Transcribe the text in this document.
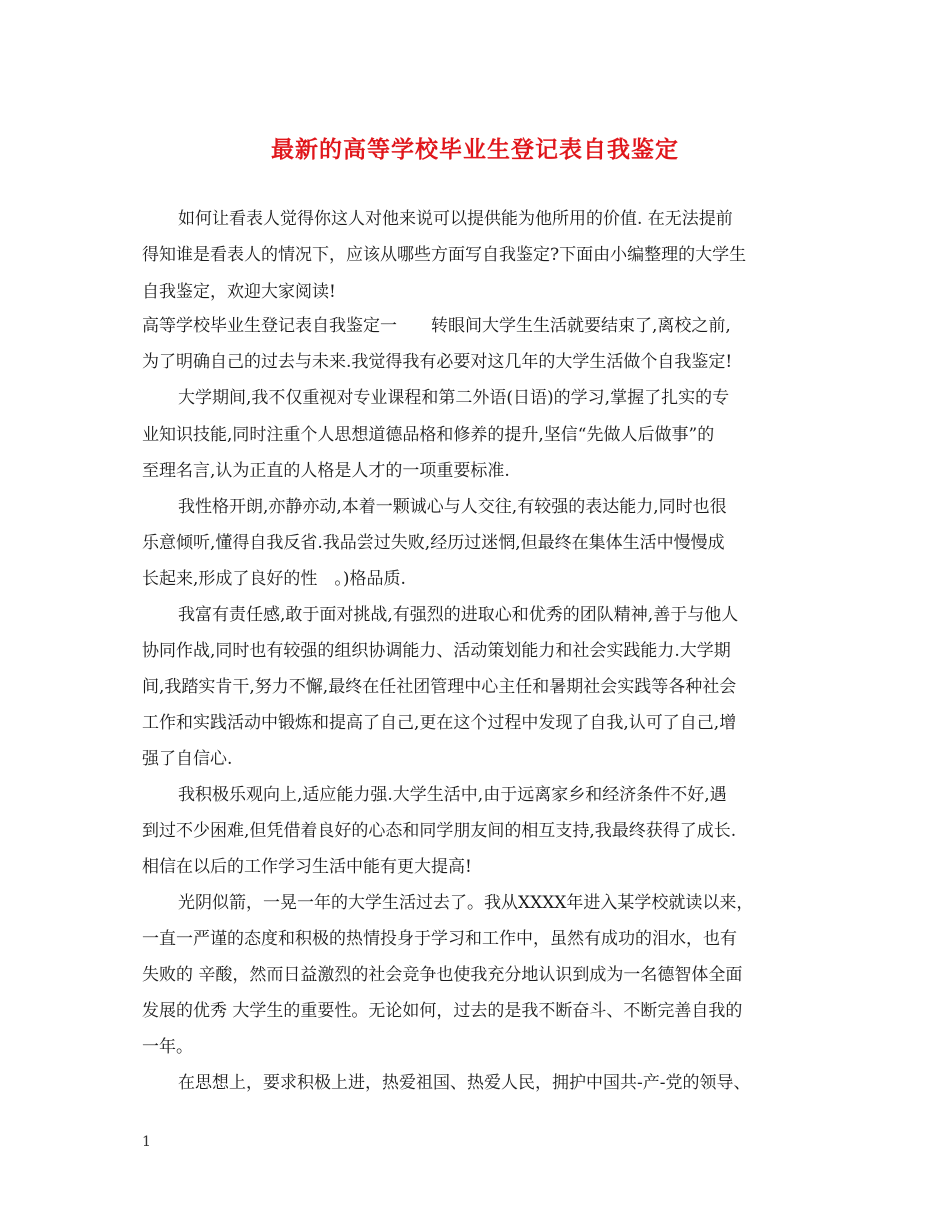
最新的高等学校毕业生登记表自我鉴定
如何让看表人觉得你这人对他来说可以提供能为他所用的价值. 在无法提前
得知谁是看表人的情况下，应该从哪些方面写自我鉴定?下面由小编整理的大学生
自我鉴定，欢迎大家阅读!
高等学校毕业生登记表自我鉴定一　　转眼间大学生生活就要结束了,离校之前,
为了明确自己的过去与未来.我觉得我有必要对这几年的大学生活做个自我鉴定!
大学期间,我不仅重视对专业课程和第二外语(日语)的学习,掌握了扎实的专
业知识技能,同时注重个人思想道德品格和修养的提升,坚信“先做人后做事”的
至理名言,认为正直的人格是人才的一项重要标准.
我性格开朗,亦静亦动,本着一颗诚心与人交往,有较强的表达能力,同时也很
乐意倾听,懂得自我反省.我品尝过失败,经历过迷惘,但最终在集体生活中慢慢成
长起来,形成了良好的性　。)格品质.
我富有责任感,敢于面对挑战,有强烈的进取心和优秀的团队精神,善于与他人
协同作战,同时也有较强的组织协调能力、活动策划能力和社会实践能力.大学期
间,我踏实肯干,努力不懈,最终在任社团管理中心主任和暑期社会实践等各种社会
工作和实践活动中锻炼和提高了自己,更在这个过程中发现了自我,认可了自己,增
强了自信心.
我积极乐观向上,适应能力强.大学生活中,由于远离家乡和经济条件不好,遇
到过不少困难,但凭借着良好的心态和同学朋友间的相互支持,我最终获得了成长.
相信在以后的工作学习生活中能有更大提高!
光阴似箭，一晃一年的大学生活过去了。我从XXXX年进入某学校就读以来，
一直一严谨的态度和积极的热情投身于学习和工作中，虽然有成功的泪水，也有
失败的 辛酸，然而日益激烈的社会竞争也使我充分地认识到成为一名德智体全面
发展的优秀 大学生的重要性。无论如何，过去的是我不断奋斗、不断完善自我的
一年。
在思想上，要求积极上进，热爱祖国、热爱人民，拥护中国共-产-党的领导、
1
